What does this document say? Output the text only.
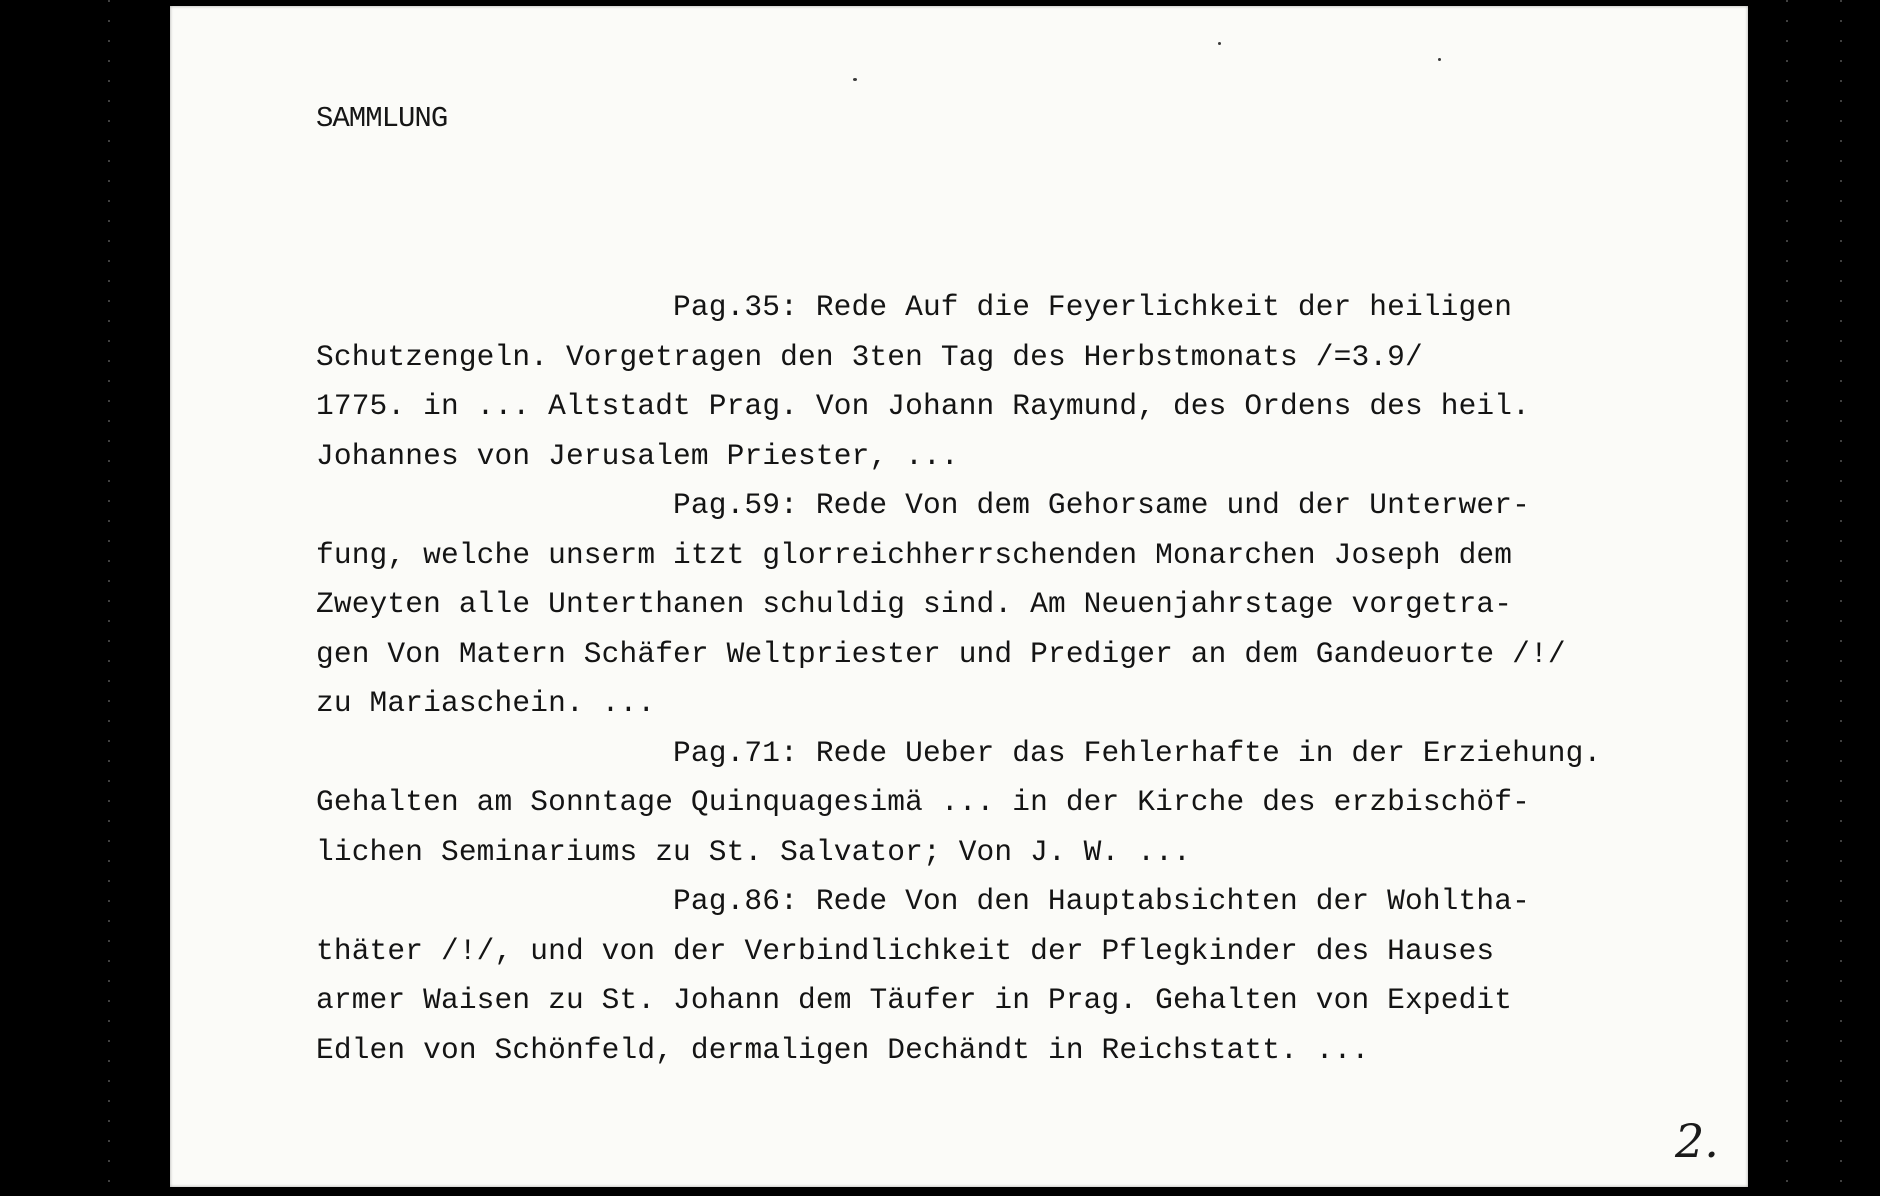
SAMMLUNG
Pag.35: Rede Auf die Feyerlichkeit der heiligen
Schutzengeln. Vorgetragen den 3ten Tag des Herbstmonats /=3.9/
1775. in ... Altstadt Prag. Von Johann Raymund, des Ordens des heil.
Johannes von Jerusalem Priester, ...
Pag.59: Rede Von dem Gehorsame und der Unterwer-
fung, welche unserm itzt glorreichherrschenden Monarchen Joseph dem
Zweyten alle Unterthanen schuldig sind. Am Neuenjahrstage vorgetra-
gen Von Matern Schäfer Weltpriester und Prediger an dem Gandeuorte /!/
zu Mariaschein. ...
Pag.71: Rede Ueber das Fehlerhafte in der Erziehung.
Gehalten am Sonntage Quinquagesimä ... in der Kirche des erzbischöf-
lichen Seminariums zu St. Salvator; Von J. W. ...
Pag.86: Rede Von den Hauptabsichten der Wohltha-
thäter /!/, und von der Verbindlichkeit der Pflegkinder des Hauses
armer Waisen zu St. Johann dem Täufer in Prag. Gehalten von Expedit
Edlen von Schönfeld, dermaligen Dechändt in Reichstatt. ...
2.
